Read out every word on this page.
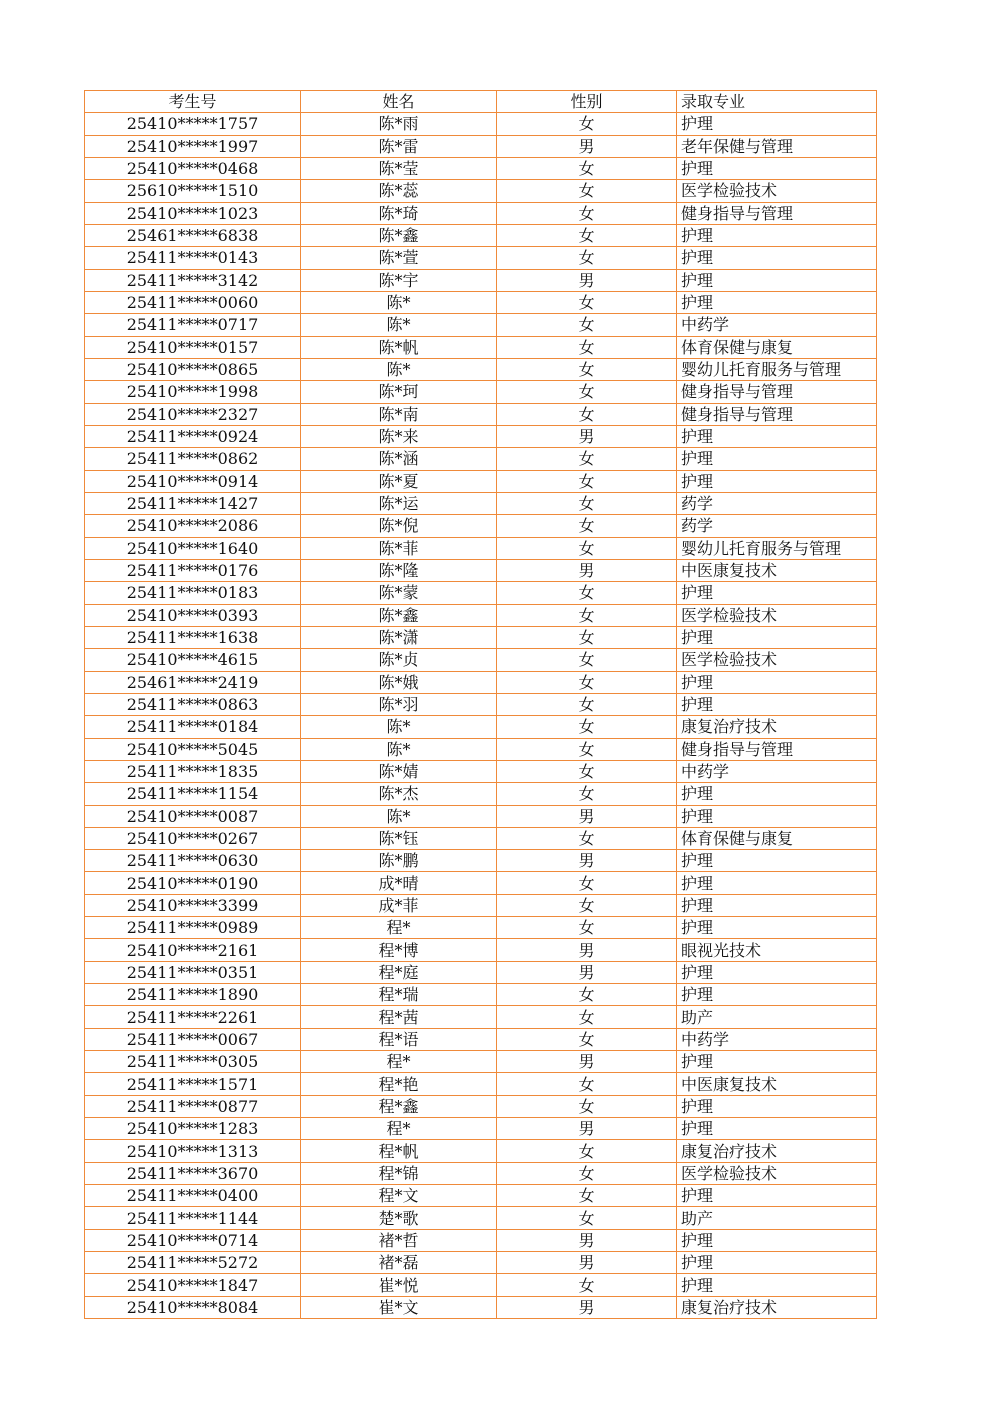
考生号	姓名	性别	录取专业
25410*****1757	陈*雨	女	护理
25410*****1997	陈*雷	男	老年保健与管理
25410*****0468	陈*莹	女	护理
25610*****1510	陈*蕊	女	医学检验技术
25410*****1023	陈*琦	女	健身指导与管理
25461*****6838	陈*鑫	女	护理
25411*****0143	陈*萱	女	护理
25411*****3142	陈*宇	男	护理
25411*****0060	陈*	女	护理
25411*****0717	陈*	女	中药学
25410*****0157	陈*帆	女	体育保健与康复
25410*****0865	陈*	女	婴幼儿托育服务与管理
25410*****1998	陈*珂	女	健身指导与管理
25410*****2327	陈*南	女	健身指导与管理
25411*****0924	陈*来	男	护理
25411*****0862	陈*涵	女	护理
25410*****0914	陈*夏	女	护理
25411*****1427	陈*运	女	药学
25410*****2086	陈*倪	女	药学
25410*****1640	陈*菲	女	婴幼儿托育服务与管理
25411*****0176	陈*隆	男	中医康复技术
25411*****0183	陈*蒙	女	护理
25410*****0393	陈*鑫	女	医学检验技术
25411*****1638	陈*潇	女	护理
25410*****4615	陈*贞	女	医学检验技术
25461*****2419	陈*娥	女	护理
25411*****0863	陈*羽	女	护理
25411*****0184	陈*	女	康复治疗技术
25410*****5045	陈*	女	健身指导与管理
25411*****1835	陈*婧	女	中药学
25411*****1154	陈*杰	女	护理
25410*****0087	陈*	男	护理
25410*****0267	陈*钰	女	体育保健与康复
25411*****0630	陈*鹏	男	护理
25410*****0190	成*晴	女	护理
25410*****3399	成*菲	女	护理
25411*****0989	程*	女	护理
25410*****2161	程*博	男	眼视光技术
25411*****0351	程*庭	男	护理
25411*****1890	程*瑞	女	护理
25411*****2261	程*茜	女	助产
25411*****0067	程*语	女	中药学
25411*****0305	程*	男	护理
25411*****1571	程*艳	女	中医康复技术
25411*****0877	程*鑫	女	护理
25410*****1283	程*	男	护理
25410*****1313	程*帆	女	康复治疗技术
25411*****3670	程*锦	女	医学检验技术
25411*****0400	程*文	女	护理
25411*****1144	楚*歌	女	助产
25410*****0714	褚*哲	男	护理
25411*****5272	褚*磊	男	护理
25410*****1847	崔*悦	女	护理
25410*****8084	崔*文	男	康复治疗技术
